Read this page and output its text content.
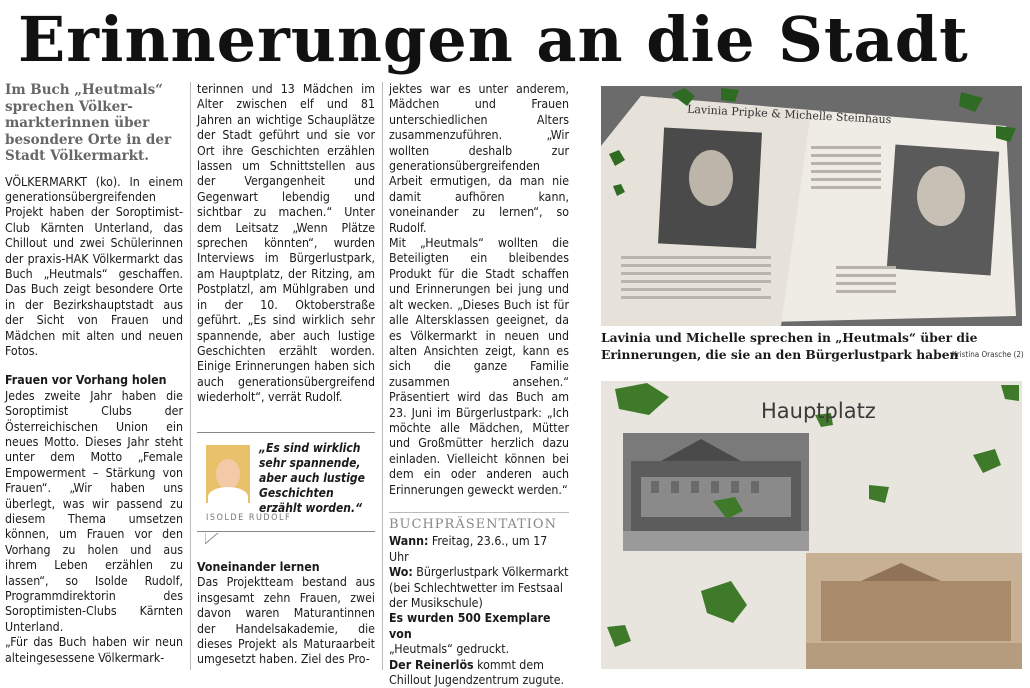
Erinnerungen an die Stadt

Im Buch „Heutmals“ sprechen Völker-markterinnen über besondere Orte in der Stadt Völkermarkt.

VÖLKERMARKT (ko). In einem generationsübergreifenden Projekt haben der Soroptimist-Club Kärnten Unterland, das Chillout und zwei Schülerinnen der praxis-HAK Völkermarkt das Buch „Heutmals“ geschaffen. Das Buch zeigt besondere Orte in der Bezirkshauptstadt aus der Sicht von Frauen und Mädchen mit alten und neuen Fotos.

Frauen vor Vorhang holen

Jedes zweite Jahr haben die Soroptimist Clubs der Österreichischen Union ein neues Motto. Dieses Jahr steht unter dem Motto „Female Empowerment – Stärkung von Frauen“. „Wir haben uns überlegt, was wir passend zu diesem Thema umsetzen können, um Frauen vor den Vorhang zu holen und aus ihrem Leben erzählen zu lassen“, so Isolde Rudolf, Programmdirektorin des Soroptimisten-Clubs Kärnten Unterland.

„Für das Buch haben wir neun alteingesessene Völkermark-

terinnen und 13 Mädchen im Alter zwischen elf und 81 Jahren an wichtige Schauplätze der Stadt geführt und sie vor Ort ihre Geschichten erzählen lassen um Schnittstellen aus der Vergangenheit und Gegenwart lebendig und sichtbar zu machen.“ Unter dem Leitsatz „Wenn Plätze sprechen könnten“, wurden Interviews im Bürgerlustpark, am Hauptplatz, der Ritzing, am Postplatzl, am Mühlgraben und in der 10. Oktoberstraße geführt. „Es sind wirklich sehr spannende, aber auch lustige Geschichten erzählt worden. Einige Erinnerungen haben sich auch generationsübergreifend wiederholt“, verrät Rudolf.

„Es sind wirklich sehr spannende, aber auch lustige Geschichten erzählt worden.“
ISOLDE RUDOLF

Voneinander lernen

Das Projektteam bestand aus insgesamt zehn Frauen, zwei davon waren Maturantinnen der Handelsakademie, die dieses Projekt als Maturaarbeit umgesetzt haben. Ziel des Pro-

jektes war es unter anderem, Mädchen und Frauen unterschiedlichen Alters zusammenzuführen. „Wir wollten deshalb zur generationsübergreifenden Arbeit ermutigen, da man nie damit aufhören kann, voneinander zu lernen“, so Rudolf.

Mit „Heutmals“ wollten die Beteiligten ein bleibendes Produkt für die Stadt schaffen und Erinnerungen bei jung und alt wecken. „Dieses Buch ist für alle Altersklassen geeignet, da es Völkermarkt in neuen und alten Ansichten zeigt, kann es sich die ganze Familie zusammen ansehen.“ Präsentiert wird das Buch am 23. Juni im Bürgerlustpark: „Ich möchte alle Mädchen, Mütter und Großmütter herzlich dazu einladen. Vielleicht können bei dem ein oder anderen auch Erinnerungen geweckt werden.“

BUCHPRÄSENTATION

Wann: Freitag, 23.6., um 17 Uhr

Wo: Bürgerlustpark Völkermarkt (bei Schlechtwetter im Festsaal der Musikschule)

Es wurden 500 Exemplare von

„Heutmals“ gedruckt.

Der Reinerlös kommt dem Chillout Jugendzentrum zugute.

Lavinia Pripke & Michelle Steinhaus
Lavinia und Michelle sprechen in „Heutmals“ über die Erinnerungen, die sie an den Bürgerlustpark haben
Kristina Orasche (2)
Hauptplatz
